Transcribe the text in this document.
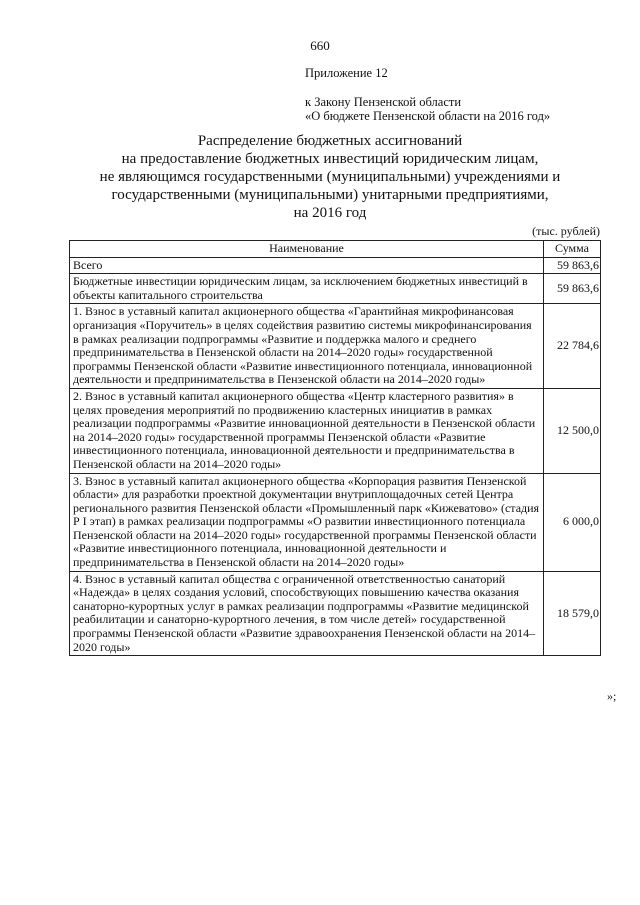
660
Приложение 12
к Закону Пензенской области
«О бюджете Пензенской области на 2016 год»
Распределение бюджетных ассигнований
на предоставление бюджетных инвестиций юридическим лицам,
не являющимся государственными (муниципальными) учреждениями и
государственными (муниципальными) унитарными предприятиями,
на 2016 год
(тыс. рублей)
Наименование	Сумма
Всего	59 863,6
Бюджетные инвестиции юридическим лицам, за исключением бюджетных инвестиций в объекты капитального строительства	59 863,6
1. Взнос в уставный капитал акционерного общества «Гарантийная микрофинансовая организация «Поручитель» в целях содействия развитию системы микрофинансирования в рамках реализации подпрограммы «Развитие и поддержка малого и среднего предпринимательства в Пензенской области на 2014–2020 годы» государственной программы Пензенской области «Развитие инвестиционного потенциала, инновационной деятельности и предпринимательства в Пензенской области на 2014–2020 годы»	22 784,6
2. Взнос в уставный капитал акционерного общества «Центр кластерного развития» в целях проведения мероприятий по продвижению кластерных инициатив в рамках реализации подпрограммы «Развитие инновационной деятельности в Пензенской области на 2014–2020 годы» государственной программы Пензенской области «Развитие инвестиционного потенциала, инновационной деятельности и предпринимательства в Пензенской области на 2014–2020 годы»	12 500,0
3. Взнос в уставный капитал акционерного общества «Корпорация развития Пензенской области» для разработки проектной документации внутриплощадочных сетей Центра регионального развития Пензенской области «Промышленный парк «Кижеватово» (стадия Р I этап) в рамках реализации подпрограммы «О развитии инвестиционного потенциала Пензенской области на 2014–2020 годы» государственной программы Пензенской области «Развитие инвестиционного потенциала, инновационной деятельности и предпринимательства в Пензенской области на 2014–2020 годы»	6 000,0
4. Взнос в уставный капитал общества с ограниченной ответственностью санаторий «Надежда» в целях создания условий, способствующих повышению качества оказания санаторно-курортных услуг в рамках реализации подпрограммы «Развитие медицинской реабилитации и санаторно-курортного лечения, в том числе детей» государственной программы Пензенской области «Развитие здравоохранения Пензенской области на 2014–2020 годы»	18 579,0
»;
